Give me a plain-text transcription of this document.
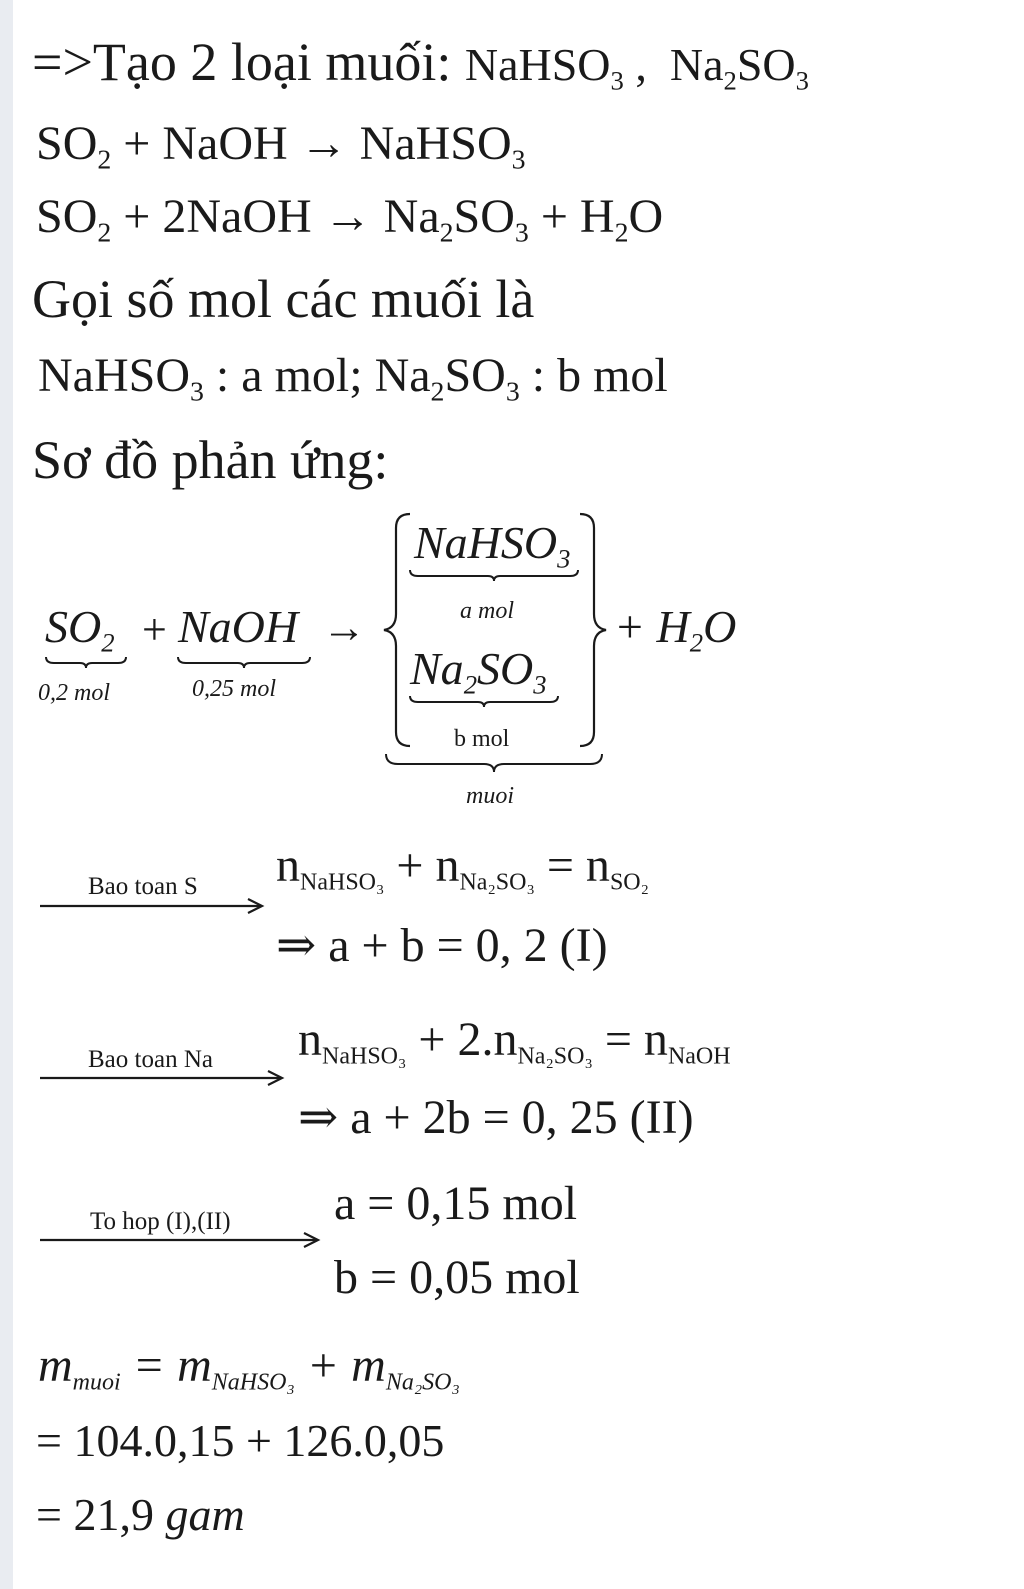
=>Tạo 2 loại muối: NaHSO$_3$ , $Na_2SO_3$
$SO_2$ + NaOH → NaHSO$_3$
$SO_2$ + 2NaOH → $Na_2SO_3 + H_2O$
Gọi số mol các muối là
NaHSO$_3$ : a mol; $Na_2SO_3$ : b mol
Sơ đồ phản ứng:
$SO_2$
0,2 mol
+ NaOH
0,25 mol
→
NaHSO$_3$
a mol
$Na_2SO_3$
b mol
muoi
+ $H_2O$
Bao toan S $n_{NaHSO_3} + n_{Na_2SO_3} = n_{SO_2}$
⇒ a + b = 0, 2 (I)
Bao toan Na $n_{NaHSO_3} + 2.n_{Na_2SO_3} = n_{NaOH}$
⇒ a + 2b = 0, 25 (II)
To hop (I),(II) a = 0,15 mol
b = 0,05 mol
$m_{muoi} = m_{NaHSO_3} + m_{Na_2SO_3}$
= 104.0,15 + 126.0,05
= 21,9 gam
